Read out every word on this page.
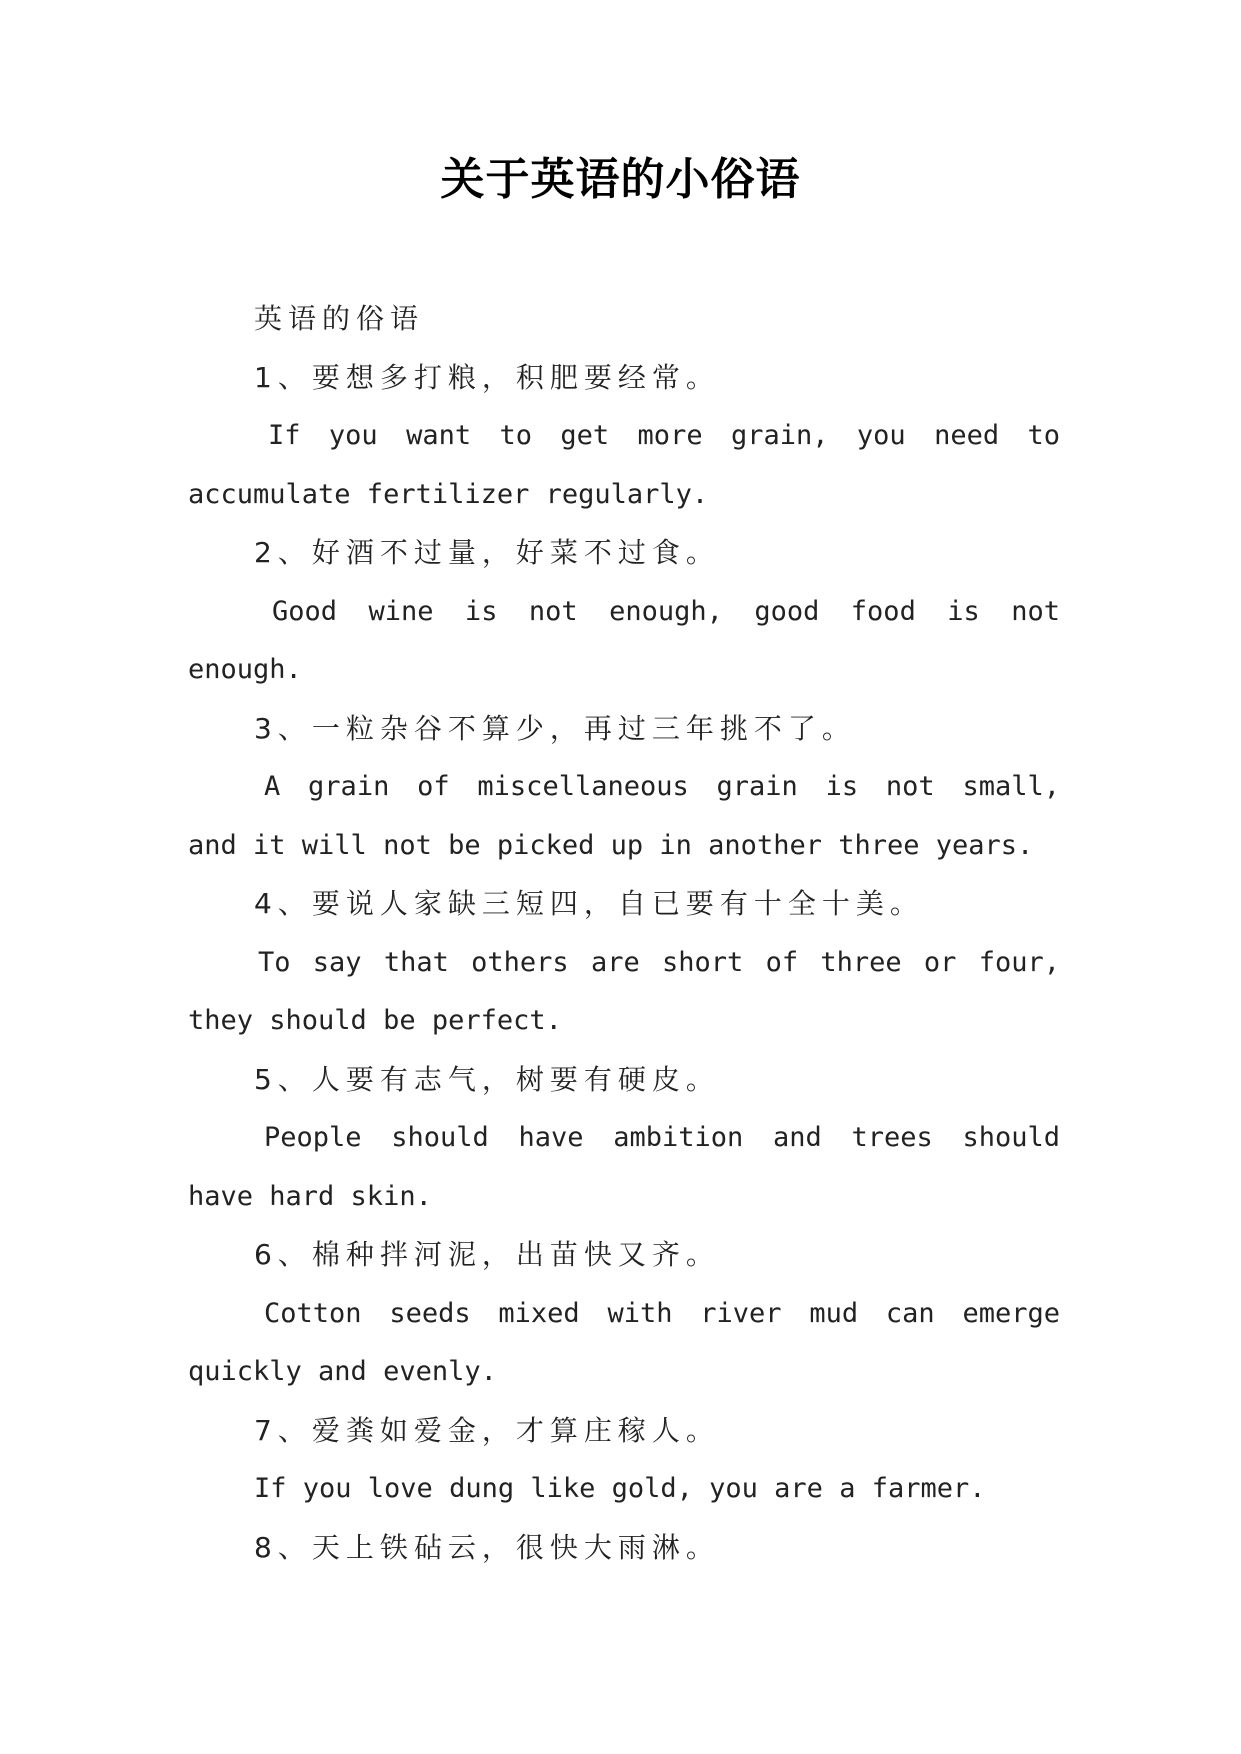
关于英语的小俗语
英语的俗语
1、要想多打粮，积肥要经常。
If you want to get more grain, you need to
accumulate fertilizer regularly.
2、好酒不过量，好菜不过食。
Good wine is not enough, good food is not
enough.
3、一粒杂谷不算少，再过三年挑不了。
A grain of miscellaneous grain is not small,
and it will not be picked up in another three years.
4、要说人家缺三短四，自已要有十全十美。
To say that others are short of three or four,
they should be perfect.
5、人要有志气，树要有硬皮。
People should have ambition and trees should
have hard skin.
6、棉种拌河泥，出苗快又齐。
Cotton seeds mixed with river mud can emerge
quickly and evenly.
7、爱粪如爱金，才算庄稼人。
If you love dung like gold, you are a farmer.
8、天上铁砧云，很快大雨淋。
